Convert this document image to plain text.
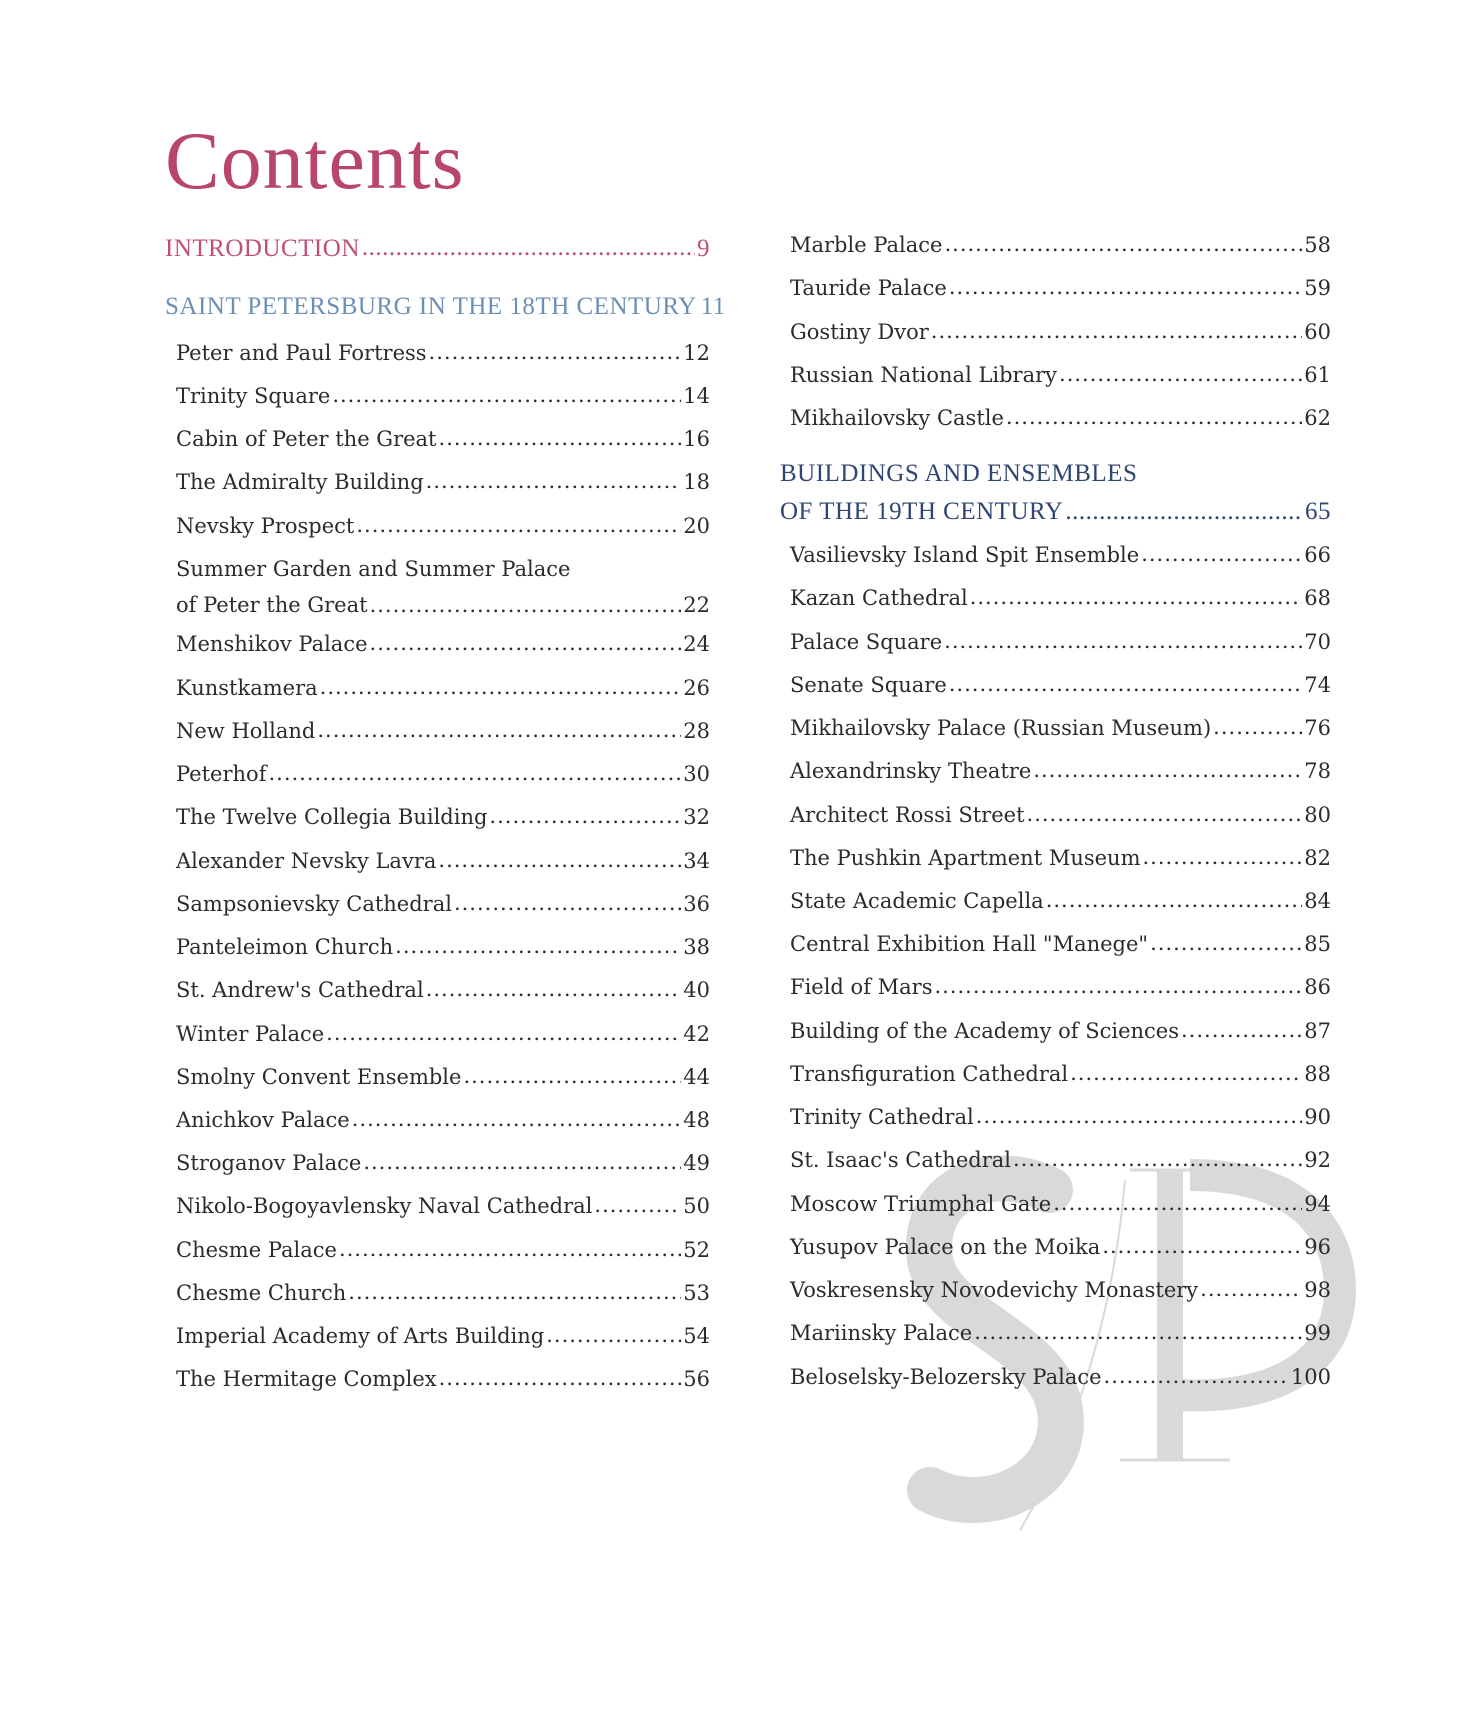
Contents
INTRODUCTION .....	9
SAINT PETERSBURG IN THE 18TH CENTURY 11
Peter and Paul Fortress .....	12
Trinity Square .....	14
Cabin of Peter the Great .....	16
The Admiralty Building .....	18
Nevsky Prospect .....	20
Summer Garden and Summer Palace
of Peter the Great .....	22
Menshikov Palace .....	24
Kunstkamera .....	26
New Holland .....	28
Peterhof .....	30
The Twelve Collegia Building .....	32
Alexander Nevsky Lavra .....	34
Sampsonievsky Cathedral .....	36
Panteleimon Church .....	38
St. Andrew's Cathedral .....	40
Winter Palace .....	42
Smolny Convent Ensemble .....	44
Anichkov Palace .....	48
Stroganov Palace .....	49
Nikolo-Bogoyavlensky Naval Cathedral .....	50
Chesme Palace .....	52
Chesme Church .....	53
Imperial Academy of Arts Building .....	54
The Hermitage Complex .....	56
Marble Palace .....	58
Tauride Palace .....	59
Gostiny Dvor .....	60
Russian National Library .....	61
Mikhailovsky Castle .....	62
BUILDINGS AND ENSEMBLES
OF THE 19TH CENTURY .....	65
Vasilievsky Island Spit Ensemble .....	66
Kazan Cathedral .....	68
Palace Square .....	70
Senate Square .....	74
Mikhailovsky Palace (Russian Museum) .....	76
Alexandrinsky Theatre .....	78
Architect Rossi Street .....	80
The Pushkin Apartment Museum .....	82
State Academic Capella .....	84
Central Exhibition Hall "Manege" .....	85
Field of Mars .....	86
Building of the Academy of Sciences .....	87
Transfiguration Cathedral .....	88
Trinity Cathedral .....	90
St. Isaac's Cathedral .....	92
Moscow Triumphal Gate .....	94
Yusupov Palace on the Moika .....	96
Voskresensky Novodevichy Monastery .....	98
Mariinsky Palace .....	99
Beloselsky-Belozersky Palace .....	100
